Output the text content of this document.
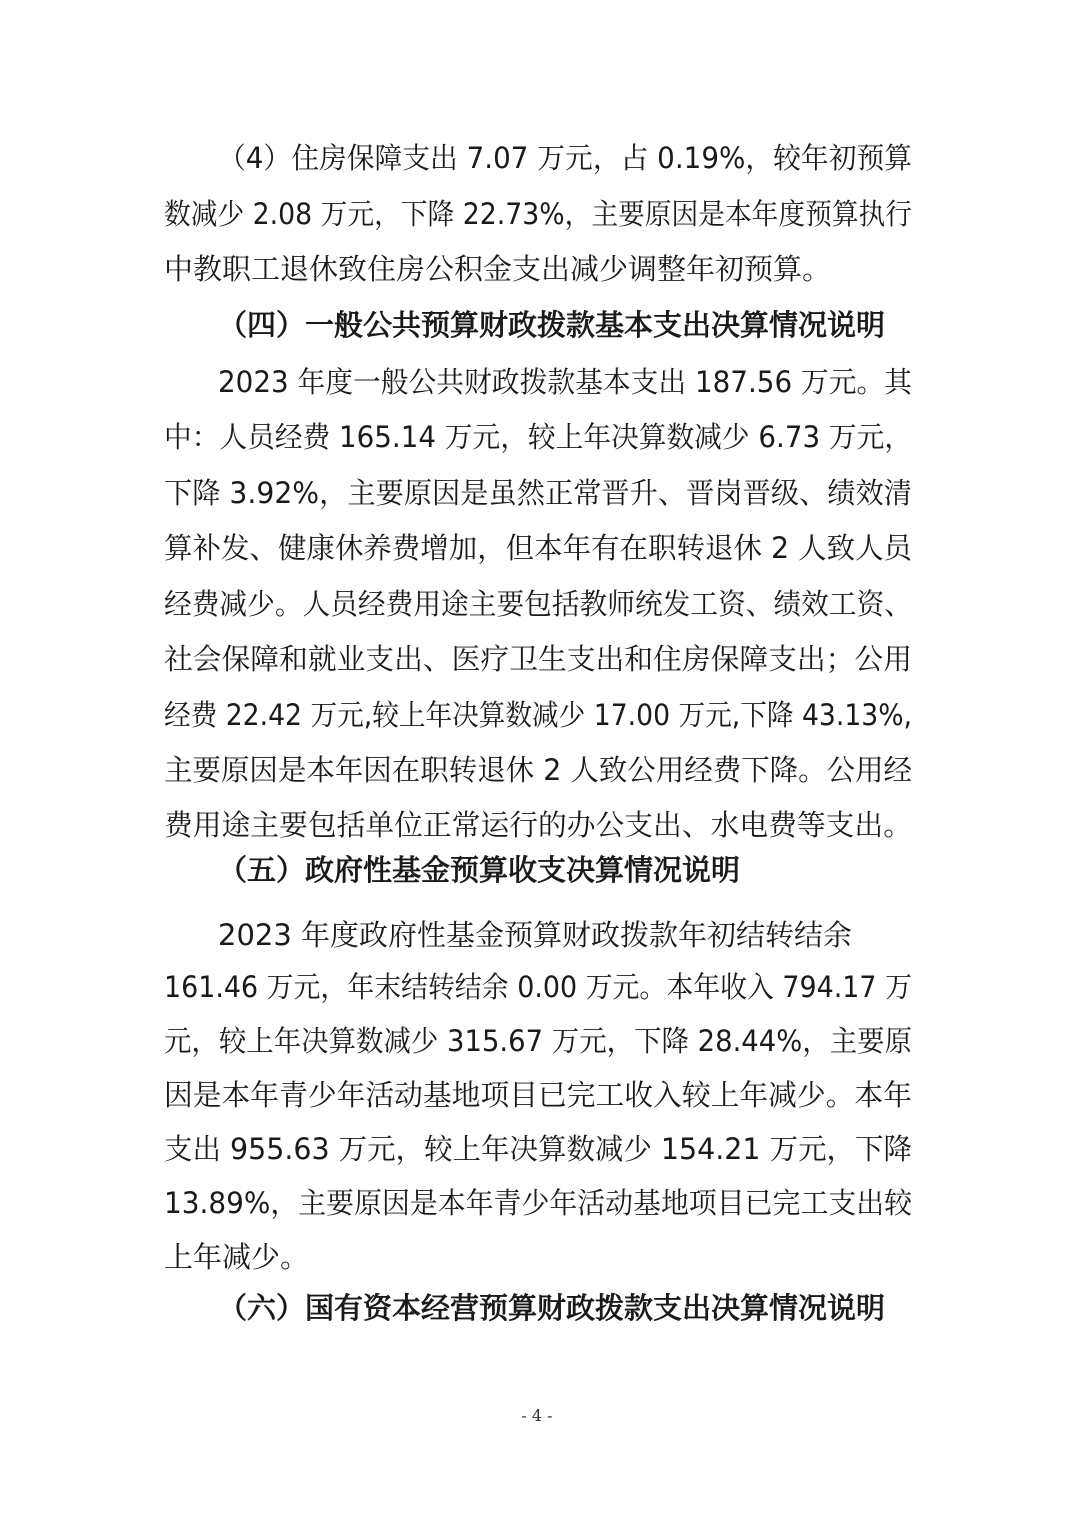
（4）住房保障支出 7.07 万元，占 0.19%，较年初预算
数减少 2.08 万元，下降 22.73%，主要原因是本年度预算执行
中教职工退休致住房公积金支出减少调整年初预算。
（四）一般公共预算财政拨款基本支出决算情况说明
2023 年度一般公共财政拨款基本支出 187.56 万元。其
中：人员经费 165.14 万元，较上年决算数减少 6.73 万元，
下降 3.92%，主要原因是虽然正常晋升、晋岗晋级、绩效清
算补发、健康休养费增加，但本年有在职转退休 2 人致人员
经费减少。人员经费用途主要包括教师统发工资、绩效工资、
社会保障和就业支出、医疗卫生支出和住房保障支出；公用
经费 22.42 万元,较上年决算数减少 17.00 万元,下降 43.13%,
主要原因是本年因在职转退休 2 人致公用经费下降。公用经
费用途主要包括单位正常运行的办公支出、水电费等支出。
（五）政府性基金预算收支决算情况说明
2023 年度政府性基金预算财政拨款年初结转结余
161.46 万元，年末结转结余 0.00 万元。本年收入 794.17 万
元，较上年决算数减少 315.67 万元，下降 28.44%，主要原
因是本年青少年活动基地项目已完工收入较上年减少。本年
支出 955.63 万元，较上年决算数减少 154.21 万元，下降
13.89%，主要原因是本年青少年活动基地项目已完工支出较
上年减少。
（六）国有资本经营预算财政拨款支出决算情况说明
- 4 -
